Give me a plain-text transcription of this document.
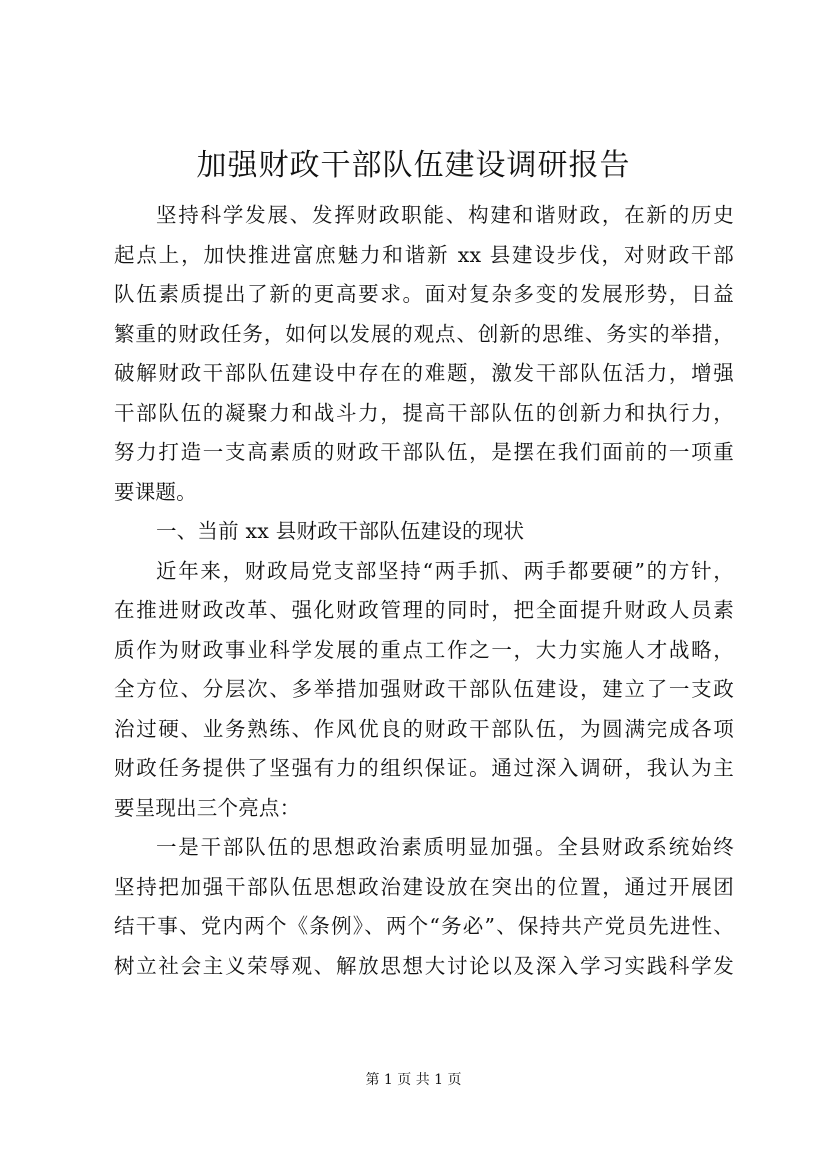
加强财政干部队伍建设调研报告
坚持科学发展、发挥财政职能、构建和谐财政，在新的历史
起点上，加快推进富庶魅力和谐新 xx 县建设步伐，对财政干部
队伍素质提出了新的更高要求。面对复杂多变的发展形势，日益
繁重的财政任务，如何以发展的观点、创新的思维、务实的举措，
破解财政干部队伍建设中存在的难题，激发干部队伍活力，增强
干部队伍的凝聚力和战斗力，提高干部队伍的创新力和执行力，
努力打造一支高素质的财政干部队伍，是摆在我们面前的一项重
要课题。
一、当前 xx 县财政干部队伍建设的现状
近年来，财政局党支部坚持“两手抓、两手都要硬”的方针，
在推进财政改革、强化财政管理的同时，把全面提升财政人员素
质作为财政事业科学发展的重点工作之一，大力实施人才战略，
全方位、分层次、多举措加强财政干部队伍建设，建立了一支政
治过硬、业务熟练、作风优良的财政干部队伍，为圆满完成各项
财政任务提供了坚强有力的组织保证。通过深入调研，我认为主
要呈现出三个亮点：
一是干部队伍的思想政治素质明显加强。全县财政系统始终
坚持把加强干部队伍思想政治建设放在突出的位置，通过开展团
结干事、党内两个《条例》、两个“务必”、保持共产党员先进性、
树立社会主义荣辱观、解放思想大讨论以及深入学习实践科学发
第 1 页 共 1 页
